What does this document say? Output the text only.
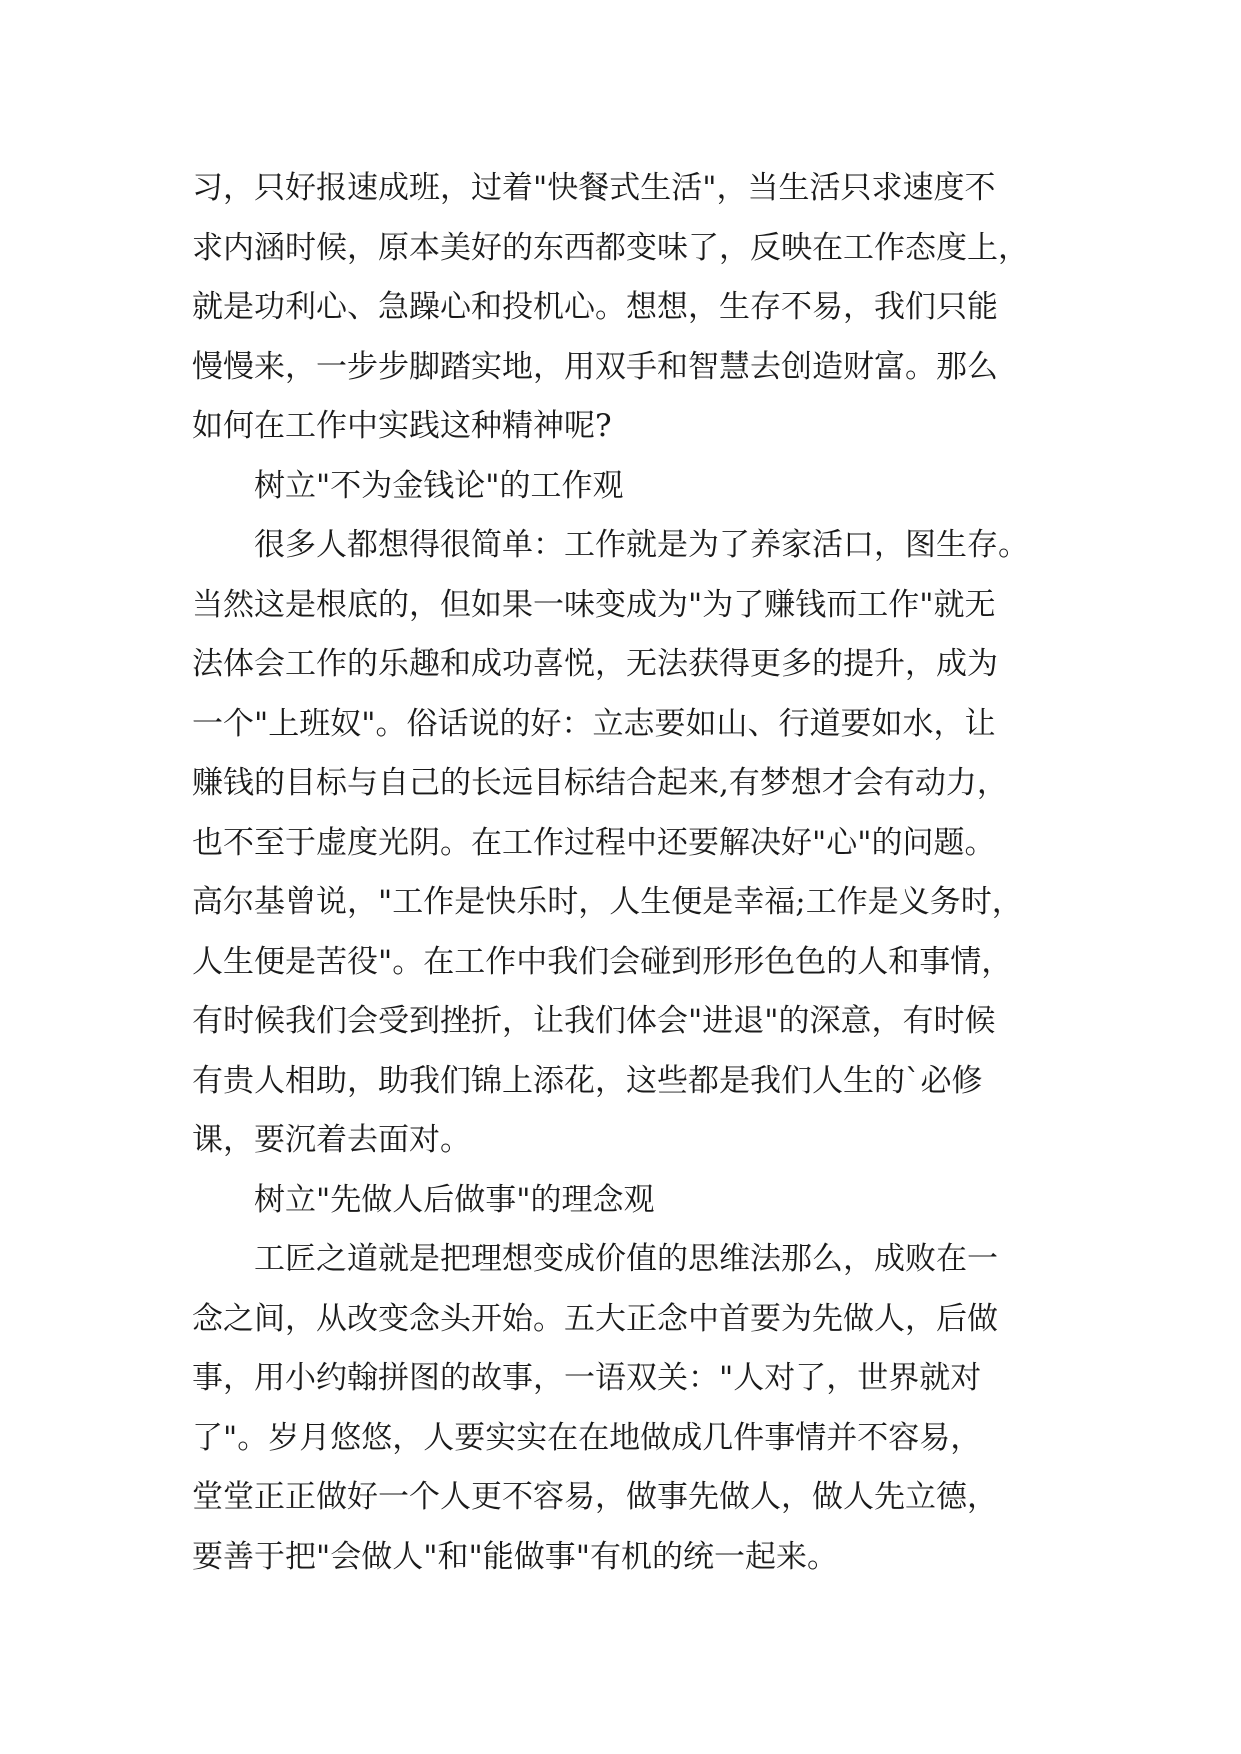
习，只好报速成班，过着"快餐式生活"，当生活只求速度不

求内涵时候，原本美好的东西都变味了，反映在工作态度上，

就是功利心、急躁心和投机心。想想，生存不易，我们只能

慢慢来，一步步脚踏实地，用双手和智慧去创造财富。那么

如何在工作中实践这种精神呢?

树立"不为金钱论"的工作观

很多人都想得很简单：工作就是为了养家活口，图生存。

当然这是根底的，但如果一味变成为"为了赚钱而工作"就无

法体会工作的乐趣和成功喜悦，无法获得更多的提升，成为

一个"上班奴"。俗话说的好：立志要如山、行道要如水，让

赚钱的目标与自己的长远目标结合起来,有梦想才会有动力，

也不至于虚度光阴。在工作过程中还要解决好"心"的问题。

高尔基曾说，"工作是快乐时，人生便是幸福;工作是义务时，

人生便是苦役"。在工作中我们会碰到形形色色的人和事情，

有时候我们会受到挫折，让我们体会"进退"的深意，有时候

有贵人相助，助我们锦上添花，这些都是我们人生的`必修

课，要沉着去面对。

树立"先做人后做事"的理念观

工匠之道就是把理想变成价值的思维法那么，成败在一

念之间，从改变念头开始。五大正念中首要为先做人，后做

事，用小约翰拼图的故事，一语双关："人对了，世界就对

了"。岁月悠悠，人要实实在在地做成几件事情并不容易，

堂堂正正做好一个人更不容易，做事先做人，做人先立德，

要善于把"会做人"和"能做事"有机的统一起来。
